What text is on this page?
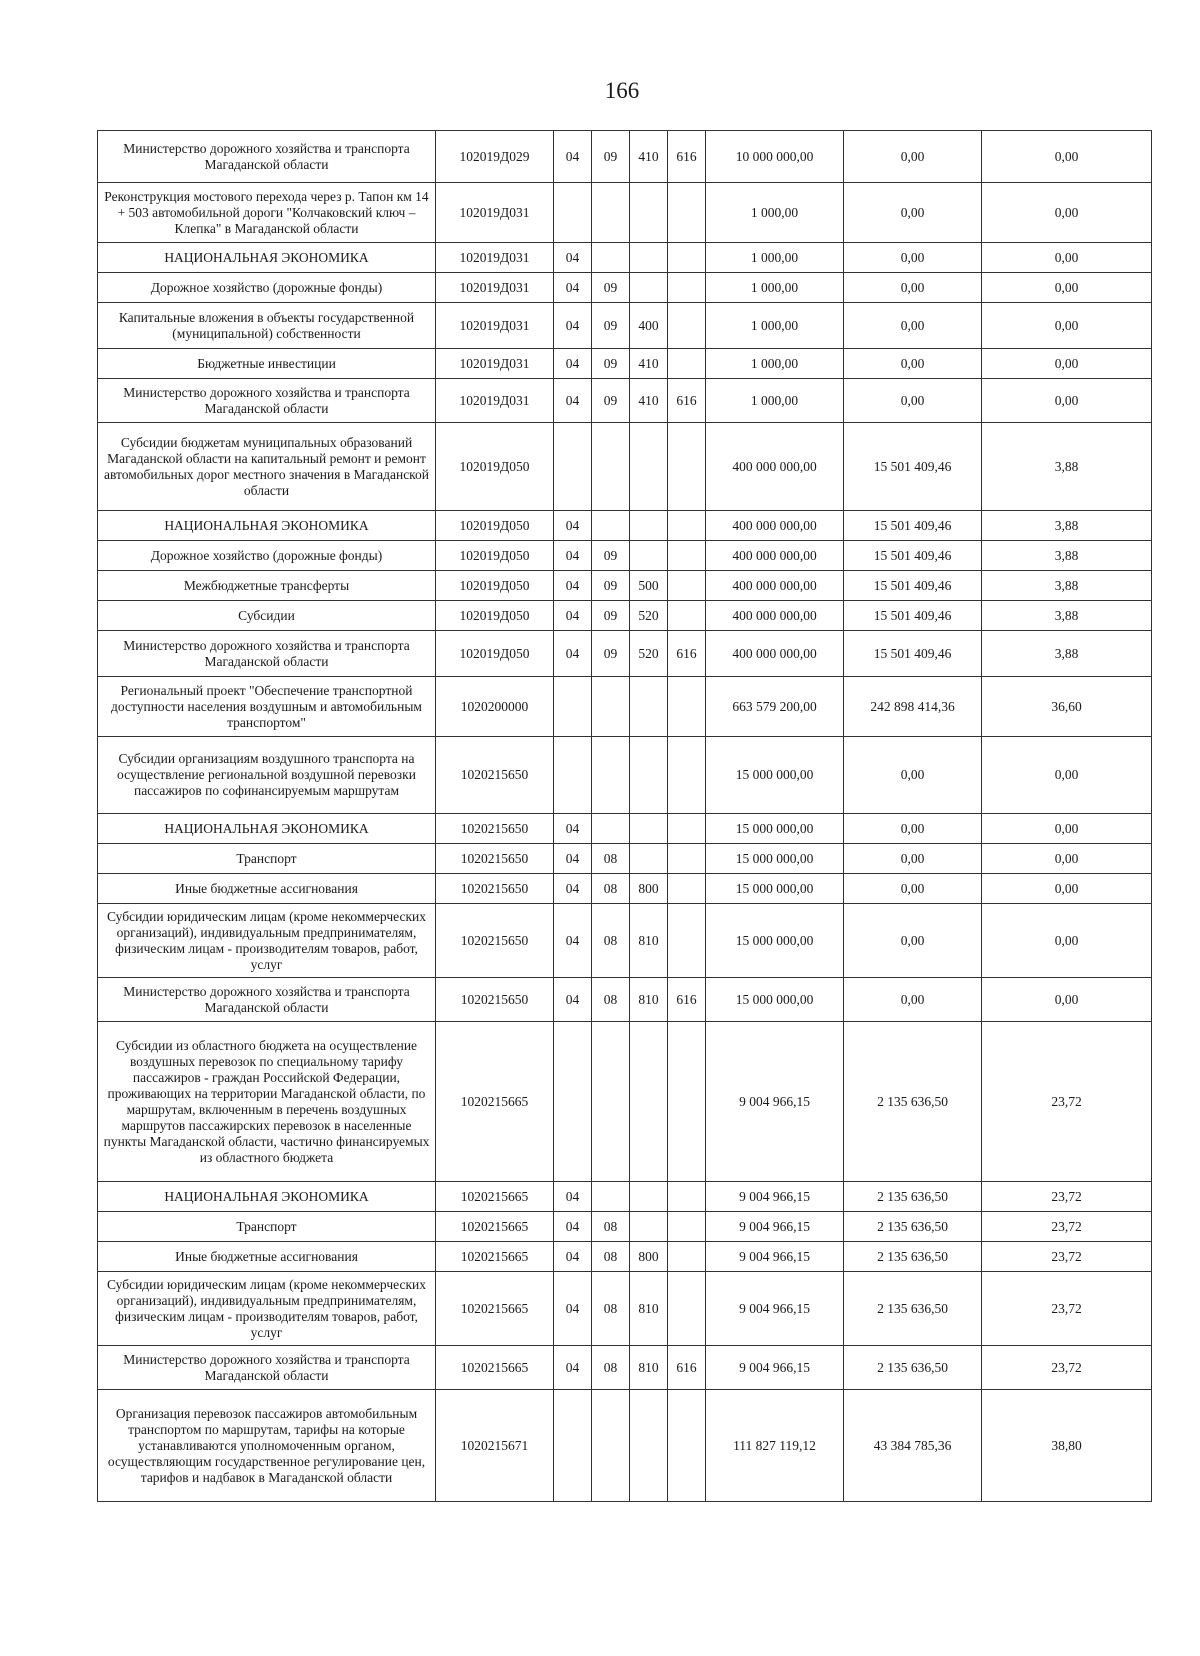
166
Министерство дорожного хозяйства и транспорта Магаданской области	102019Д029	04	09	410	616	10 000 000,00	0,00	0,00
Реконструкция мостового перехода через р. Тапон км 14 + 503 автомобильной дороги "Колчаковский ключ – Клепка" в Магаданской области	102019Д031					1 000,00	0,00	0,00
НАЦИОНАЛЬНАЯ ЭКОНОМИКА	102019Д031	04				1 000,00	0,00	0,00
Дорожное хозяйство (дорожные фонды)	102019Д031	04	09			1 000,00	0,00	0,00
Капитальные вложения в объекты государственной (муниципальной) собственности	102019Д031	04	09	400		1 000,00	0,00	0,00
Бюджетные инвестиции	102019Д031	04	09	410		1 000,00	0,00	0,00
Министерство дорожного хозяйства и транспорта Магаданской области	102019Д031	04	09	410	616	1 000,00	0,00	0,00
Субсидии бюджетам муниципальных образований Магаданской области на капитальный ремонт и ремонт автомобильных дорог местного значения в Магаданской области	102019Д050					400 000 000,00	15 501 409,46	3,88
НАЦИОНАЛЬНАЯ ЭКОНОМИКА	102019Д050	04				400 000 000,00	15 501 409,46	3,88
Дорожное хозяйство (дорожные фонды)	102019Д050	04	09			400 000 000,00	15 501 409,46	3,88
Межбюджетные трансферты	102019Д050	04	09	500		400 000 000,00	15 501 409,46	3,88
Субсидии	102019Д050	04	09	520		400 000 000,00	15 501 409,46	3,88
Министерство дорожного хозяйства и транспорта Магаданской области	102019Д050	04	09	520	616	400 000 000,00	15 501 409,46	3,88
Региональный проект "Обеспечение транспортной доступности населения воздушным и автомобильным транспортом"	1020200000					663 579 200,00	242 898 414,36	36,60
Субсидии организациям воздушного транспорта на осуществление региональной воздушной перевозки пассажиров по софинансируемым маршрутам	1020215650					15 000 000,00	0,00	0,00
НАЦИОНАЛЬНАЯ ЭКОНОМИКА	1020215650	04				15 000 000,00	0,00	0,00
Транспорт	1020215650	04	08			15 000 000,00	0,00	0,00
Иные бюджетные ассигнования	1020215650	04	08	800		15 000 000,00	0,00	0,00
Субсидии юридическим лицам (кроме некоммерческих организаций), индивидуальным предпринимателям, физическим лицам - производителям товаров, работ, услуг	1020215650	04	08	810		15 000 000,00	0,00	0,00
Министерство дорожного хозяйства и транспорта Магаданской области	1020215650	04	08	810	616	15 000 000,00	0,00	0,00
Субсидии из областного бюджета на осуществление воздушных перевозок по специальному тарифу пассажиров - граждан Российской Федерации, проживающих на территории Магаданской области, по маршрутам, включенным в перечень воздушных маршрутов пассажирских перевозок в населенные пункты Магаданской области, частично финансируемых из областного бюджета	1020215665					9 004 966,15	2 135 636,50	23,72
НАЦИОНАЛЬНАЯ ЭКОНОМИКА	1020215665	04				9 004 966,15	2 135 636,50	23,72
Транспорт	1020215665	04	08			9 004 966,15	2 135 636,50	23,72
Иные бюджетные ассигнования	1020215665	04	08	800		9 004 966,15	2 135 636,50	23,72
Субсидии юридическим лицам (кроме некоммерческих организаций), индивидуальным предпринимателям, физическим лицам - производителям товаров, работ, услуг	1020215665	04	08	810		9 004 966,15	2 135 636,50	23,72
Министерство дорожного хозяйства и транспорта Магаданской области	1020215665	04	08	810	616	9 004 966,15	2 135 636,50	23,72
Организация перевозок пассажиров автомобильным транспортом по маршрутам, тарифы на которые устанавливаются уполномоченным органом, осуществляющим государственное регулирование цен, тарифов и надбавок в Магаданской области	1020215671					111 827 119,12	43 384 785,36	38,80
